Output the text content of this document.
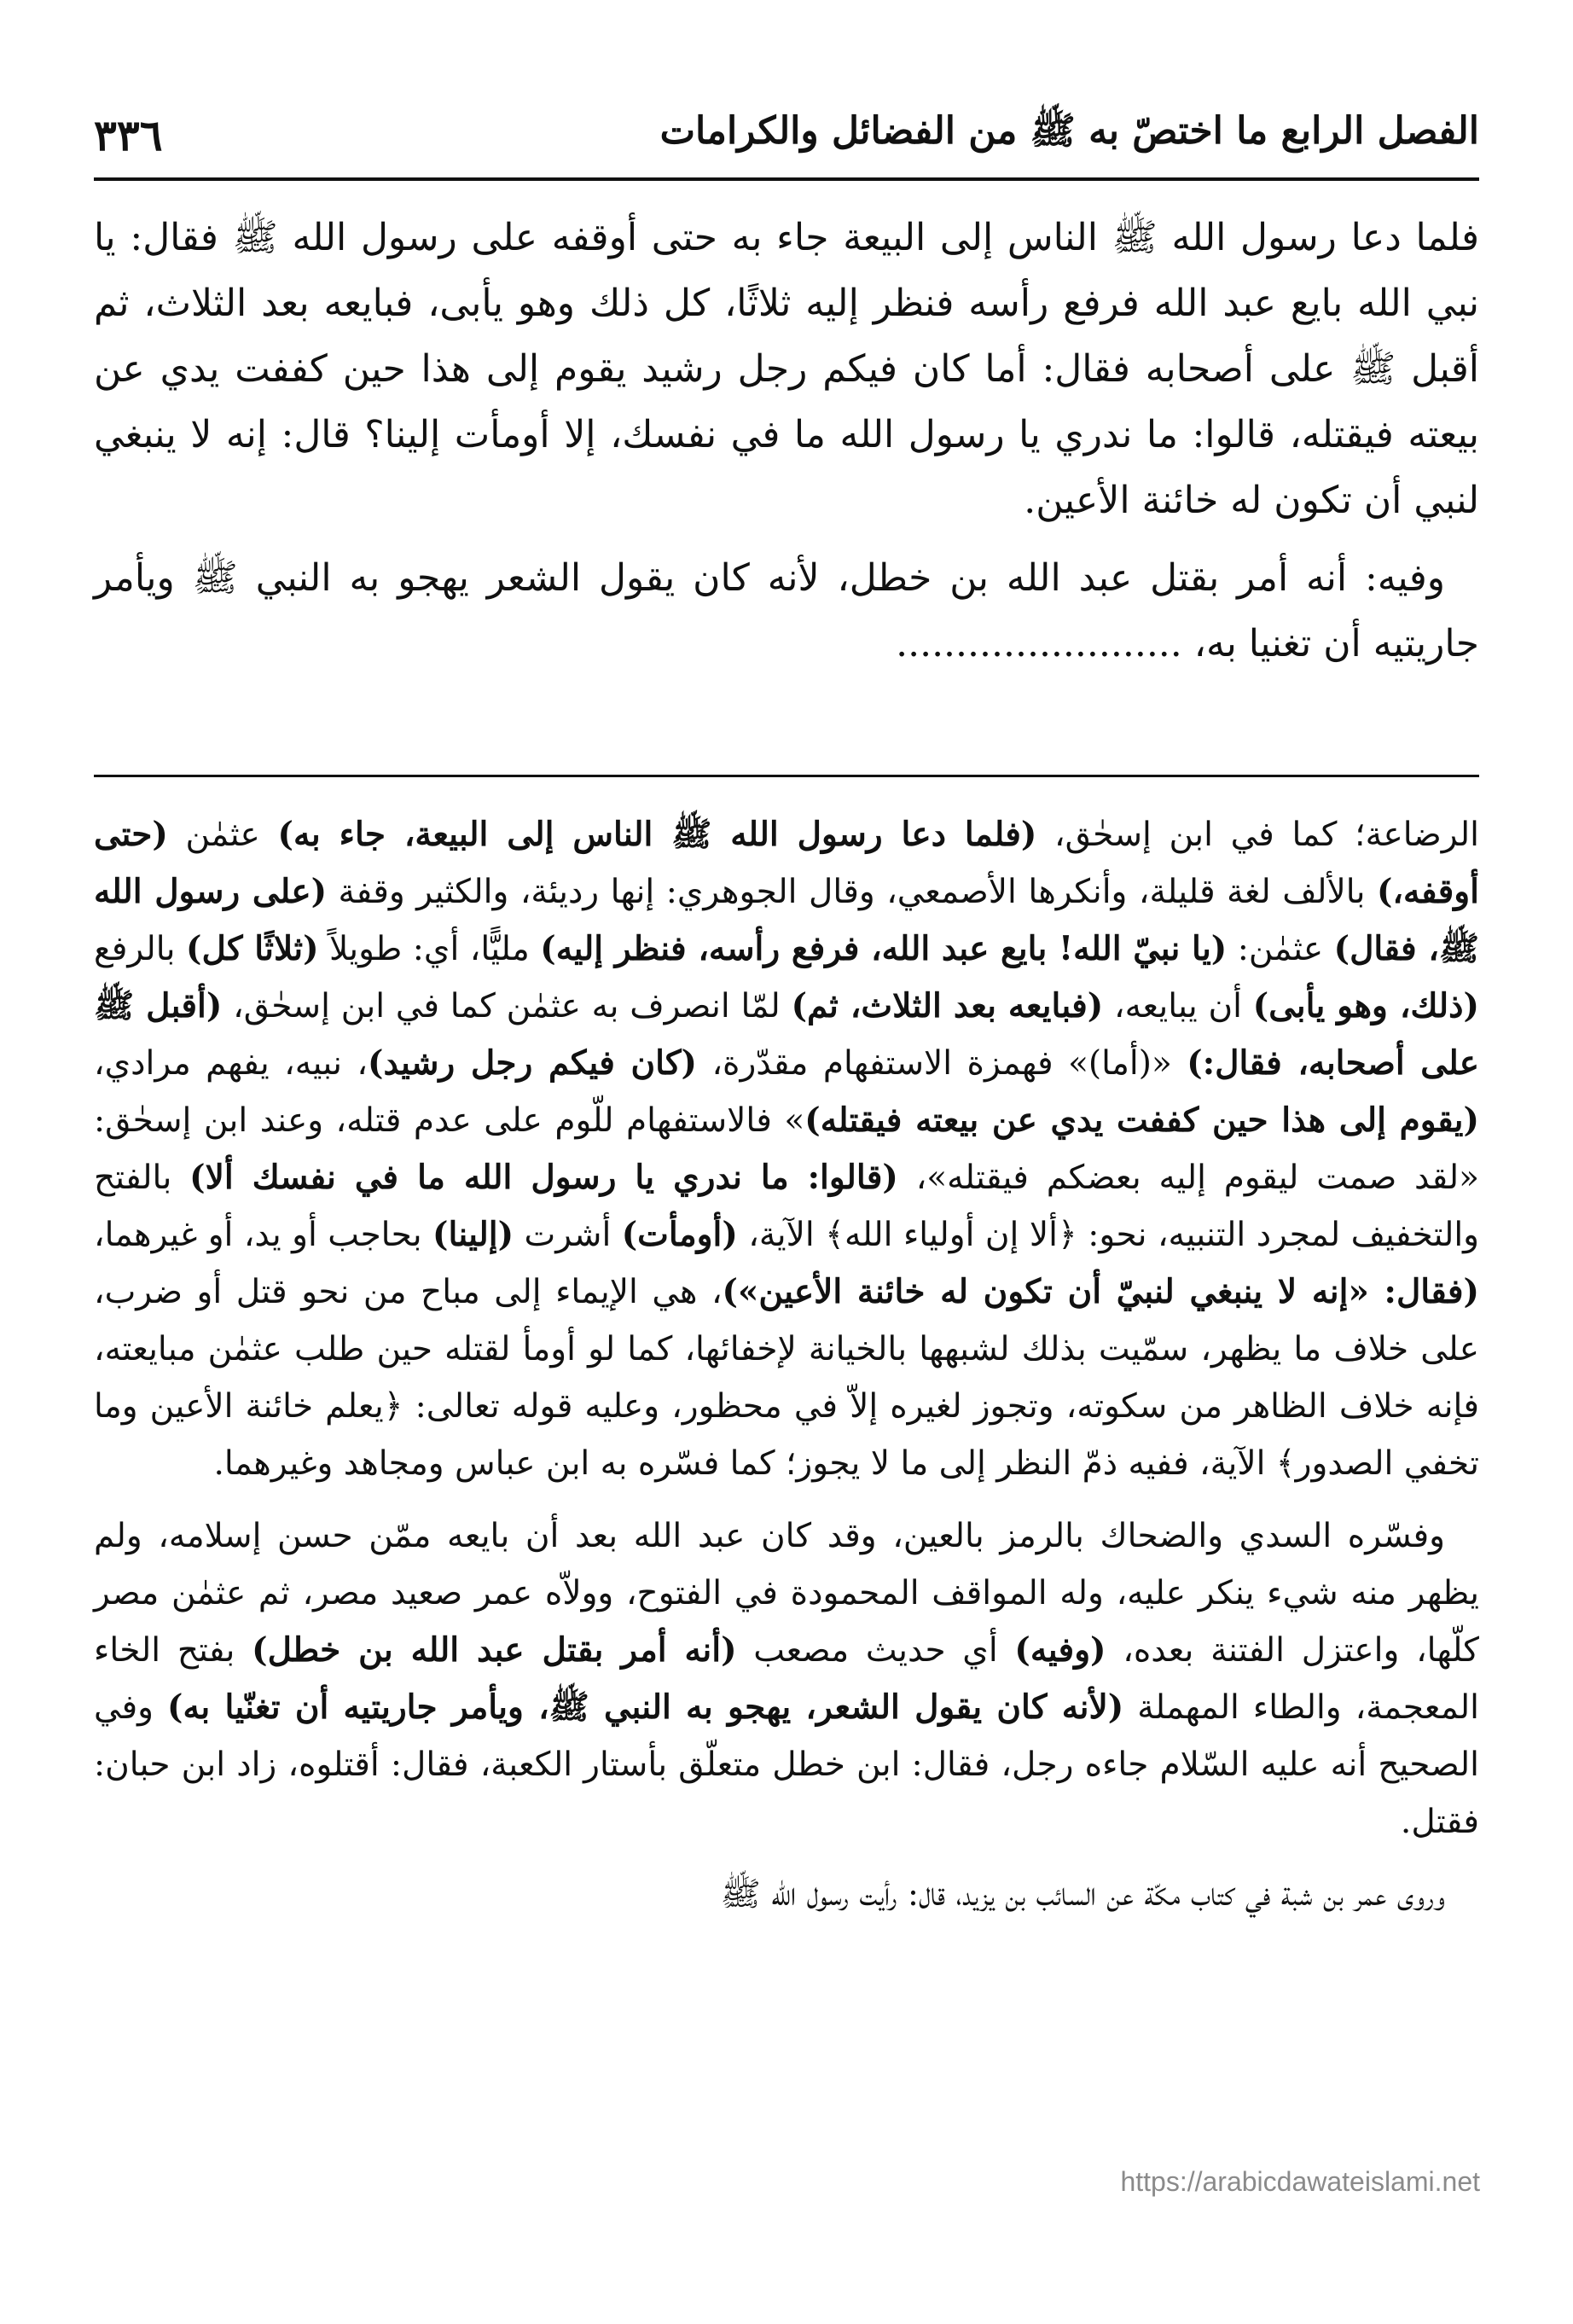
الفصل الرابع ما اختصّ به ﷺ من الفضائل والكرامات
٣٣٦

فلما دعا رسول الله ﷺ الناس إلى البيعة جاء به حتى أوقفه على رسول الله ﷺ فقال: يا نبي الله بايع عبد الله فرفع رأسه فنظر إليه ثلاثًا، كل ذلك وهو يأبى، فبايعه بعد الثلاث، ثم أقبل ﷺ على أصحابه فقال: أما كان فيكم رجل رشيد يقوم إلى هذا حين كففت يدي عن بيعته فيقتله، قالوا: ما ندري يا رسول الله ما في نفسك، إلا أومأت إلينا؟ قال: إنه لا ينبغي لنبي أن تكون له خائنة الأعين.

وفيه: أنه أمر بقتل عبد الله بن خطل، لأنه كان يقول الشعر يهجو به النبي ﷺ ويأمر جاريتيه أن تغنيا به، ........................

الرضاعة؛ كما في ابن إسحٰق، (فلما دعا رسول الله ﷺ الناس إلى البيعة، جاء به) عثمٰن (حتى أوقفه،) بالألف لغة قليلة، وأنكرها الأصمعي، وقال الجوهري: إنها رديئة، والكثير وقفة (على رسول الله ﷺ، فقال) عثمٰن: (يا نبيّ الله! بايع عبد الله، فرفع رأسه، فنظر إليه) مليًّا، أي: طويلاً (ثلاثًا كل) بالرفع (ذلك، وهو يأبى) أن يبايعه، (فبايعه بعد الثلاث، ثم) لمّا انصرف به عثمٰن كما في ابن إسحٰق، (أقبل ﷺ على أصحابه، فقال:) «(أما)» فهمزة الاستفهام مقدّرة، (كان فيكم رجل رشيد)، نبيه، يفهم مرادي، (يقوم إلى هذا حين كففت يدي عن بيعته فيقتله)» فالاستفهام للّوم على عدم قتله، وعند ابن إسحٰق: «لقد صمت ليقوم إليه بعضكم فيقتله»، (قالوا: ما ندري يا رسول الله ما في نفسك ألا) بالفتح والتخفيف لمجرد التنبيه، نحو: ﴿ألا إن أولياء الله﴾ الآية، (أومأت) أشرت (إلينا) بحاجب أو يد، أو غيرهما، (فقال: «إنه لا ينبغي لنبيّ أن تكون له خائنة الأعين»)، هي الإيماء إلى مباح من نحو قتل أو ضرب، على خلاف ما يظهر، سمّيت بذلك لشبهها بالخيانة لإخفائها، كما لو أومأ لقتله حين طلب عثمٰن مبايعته، فإنه خلاف الظاهر من سكوته، وتجوز لغيره إلاّ في محظور، وعليه قوله تعالى: ﴿يعلم خائنة الأعين وما تخفي الصدور﴾ الآية، ففيه ذمّ النظر إلى ما لا يجوز؛ كما فسّره به ابن عباس ومجاهد وغيرهما.

وفسّره السدي والضحاك بالرمز بالعين، وقد كان عبد الله بعد أن بايعه ممّن حسن إسلامه، ولم يظهر منه شيء ينكر عليه، وله المواقف المحمودة في الفتوح، وولاّه عمر صعيد مصر، ثم عثمٰن مصر كلّها، واعتزل الفتنة بعده، (وفيه) أي حديث مصعب (أنه أمر بقتل عبد الله بن خطل) بفتح الخاء المعجمة، والطاء المهملة (لأنه كان يقول الشعر، يهجو به النبي ﷺ، ويأمر جاريتيه أن تغنّيا به) وفي الصحيح أنه عليه السّلام جاءه رجل، فقال: ابن خطل متعلّق بأستار الكعبة، فقال: أقتلوه، زاد ابن حبان: فقتل.

وروى عمر بن شبة في كتاب مكّة عن السائب بن يزيد، قال: رأيت رسول الله ﷺ

https://arabicdawateislami.net
